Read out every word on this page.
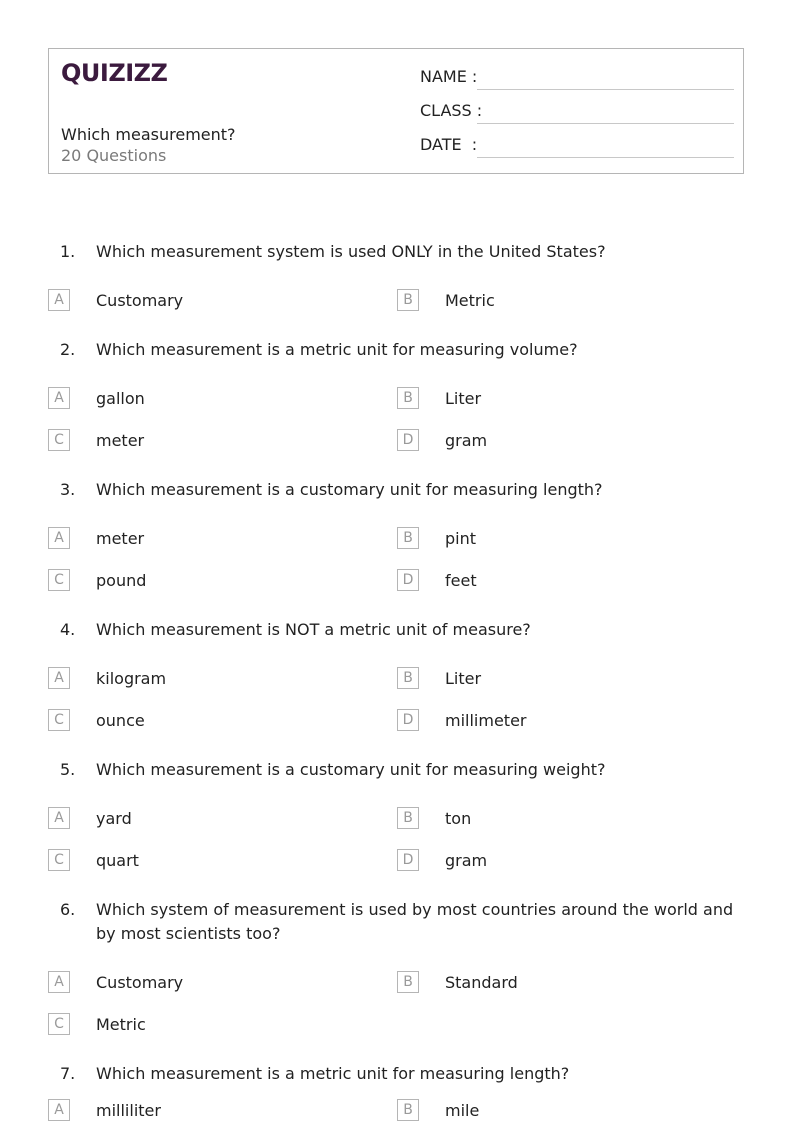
QUIZIZZ
Which measurement?
20 Questions
NAME :
CLASS :
DATE  :
1.	Which measurement system is used ONLY in the United States?
A	Customary	B	Metric
2.	Which measurement is a metric unit for measuring volume?
A	gallon	B	Liter
C	meter	D	gram
3.	Which measurement is a customary unit for measuring length?
A	meter	B	pint
C	pound	D	feet
4.	Which measurement is NOT a metric unit of measure?
A	kilogram	B	Liter
C	ounce	D	millimeter
5.	Which measurement is a customary unit for measuring weight?
A	yard	B	ton
C	quart	D	gram
6.	Which system of measurement is used by most countries around the world and by most scientists too?
A	Customary	B	Standard
C	Metric
7.	Which measurement is a metric unit for measuring length?
A	milliliter	B	mile
